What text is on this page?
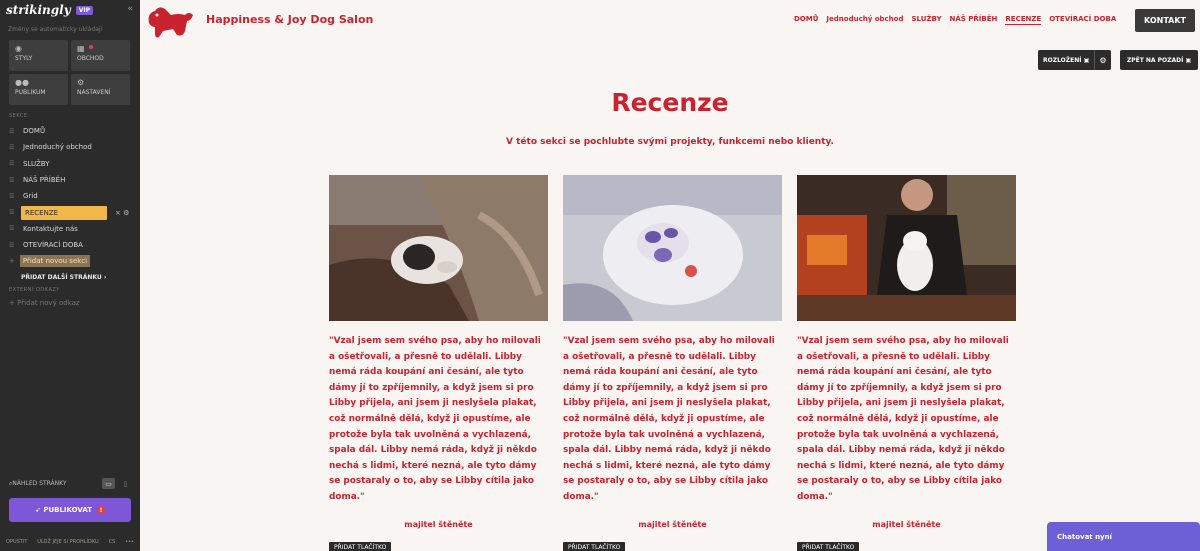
strikingly	VIP	«
Změny se automaticky ukládají
◉
STYLY
▦
OBCHOD
●●
PUBLIKUM
⚙
NASTAVENÍ
SEKCE
☰	DOMŮ
☰	Jednoduchý obchod
☰	SLUŽBY
☰	NÁŠ PŘÍBĚH
☰	Grid
☰	RECENZE	× ⚙
☰	Kontaktujte nás
☰	OTEVÍRACÍ DOBA
+	Přidat novou sekci
PŘIDAT DALŠÍ STRÁNKU ›
EXTERNÍ ODKAZY
+ Přidat nový odkaz
⌕ NÁHLED STRÁNKY	▭	▯
➶ PUBLIKOVAT	!
OPUSTIT ULOŽ JEJE SI PROHLÍDKU CS •••
Happiness & Joy Dog Salon	DOMŮ Jednoduchý obchod SLUŽBY NÁŠ PŘÍBĚH RECENZE OTEVÍRACÍ DOBA	KONTAKT
ROZLOŽENÍ
▣	⚙	ZPĚT NA POZADÍ
▣
Recenze
V této sekci se pochlubte svými projekty, funkcemi nebo klienty.
"Vzal jsem sem svého psa, aby ho milovali a ošetřovali, a přesně to udělali. Libby nemá ráda koupání ani česání, ale tyto dámy jí to zpříjemnily, a když jsem si pro Libby přijela, ani jsem ji neslyšela plakat, což normálně dělá, když ji opustíme, ale protože byla tak uvolněná a vychlazená, spala dál. Libby nemá ráda, když ji někdo nechá s lidmi, které nezná, ale tyto dámy se postaraly o to, aby se Libby cítila jako doma."
majitel štěněte
PŘIDAT TLAČÍTKO
"Vzal jsem sem svého psa, aby ho milovali a ošetřovali, a přesně to udělali. Libby nemá ráda koupání ani česání, ale tyto dámy jí to zpříjemnily, a když jsem si pro Libby přijela, ani jsem ji neslyšela plakat, což normálně dělá, když ji opustíme, ale protože byla tak uvolněná a vychlazená, spala dál. Libby nemá ráda, když ji někdo nechá s lidmi, které nezná, ale tyto dámy se postaraly o to, aby se Libby cítila jako doma."
majitel štěněte
PŘIDAT TLAČÍTKO
"Vzal jsem sem svého psa, aby ho milovali a ošetřovali, a přesně to udělali. Libby nemá ráda koupání ani česání, ale tyto dámy jí to zpříjemnily, a když jsem si pro Libby přijela, ani jsem ji neslyšela plakat, což normálně dělá, když ji opustíme, ale protože byla tak uvolněná a vychlazená, spala dál. Libby nemá ráda, když ji někdo nechá s lidmi, které nezná, ale tyto dámy se postaraly o to, aby se Libby cítila jako doma."
majitel štěněte
PŘIDAT TLAČÍTKO
Chatovat nyní
